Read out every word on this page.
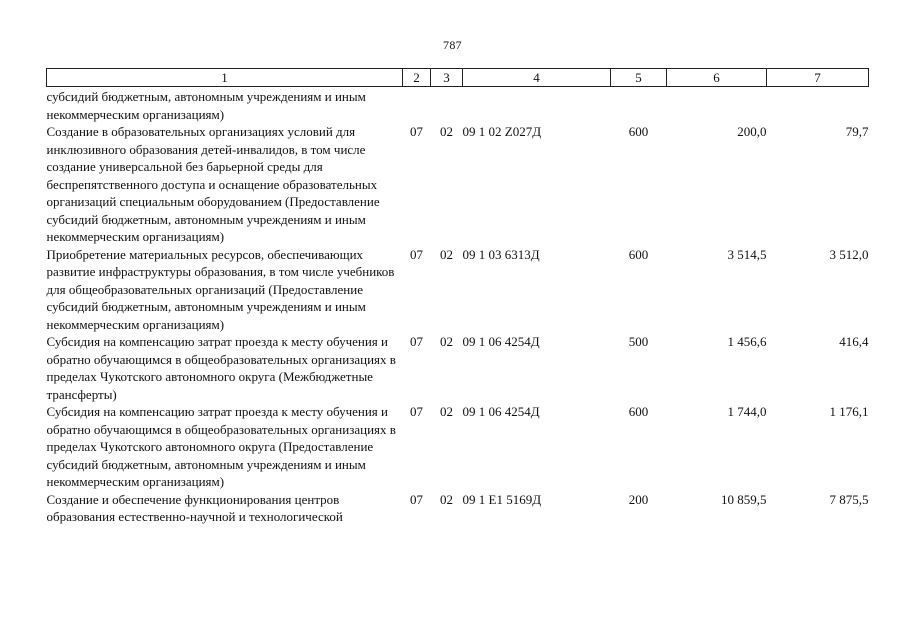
787
1	2	3	4	5	6	7
субсидий бюджетным, автономным учреждениям и иным некоммерческим организациям)						
Создание в образовательных организациях условий для инклюзивного образования детей-инвалидов, в том числе создание универсальной без барьерной среды для беспрепятственного доступа и оснащение образовательных организаций специальным оборудованием (Предоставление субсидий бюджетным, автономным учреждениям и иным некоммерческим организациям)	07	02	09 1 02 Z027Д	600	200,0	79,7
Приобретение материальных ресурсов, обеспечивающих развитие инфраструктуры образования, в том числе учебников для общеобразовательных организаций (Предоставление субсидий бюджетным, автономным учреждениям и иным некоммерческим организациям)	07	02	09 1 03 6313Д	600	3 514,5	3 512,0
Субсидия на компенсацию затрат проезда к месту обучения и обратно обучающимся в общеобразовательных организациях в пределах Чукотского автономного округа (Межбюджетные трансферты)	07	02	09 1 06 4254Д	500	1 456,6	416,4
Субсидия на компенсацию затрат проезда к месту обучения и обратно обучающимся в общеобразовательных организациях в пределах Чукотского автономного округа (Предоставление субсидий бюджетным, автономным учреждениям и иным некоммерческим организациям)	07	02	09 1 06 4254Д	600	1 744,0	1 176,1
Создание и обеспечение функционирования центров образования естественно-научной и технологической	07	02	09 1 E1 5169Д	200	10 859,5	7 875,5
